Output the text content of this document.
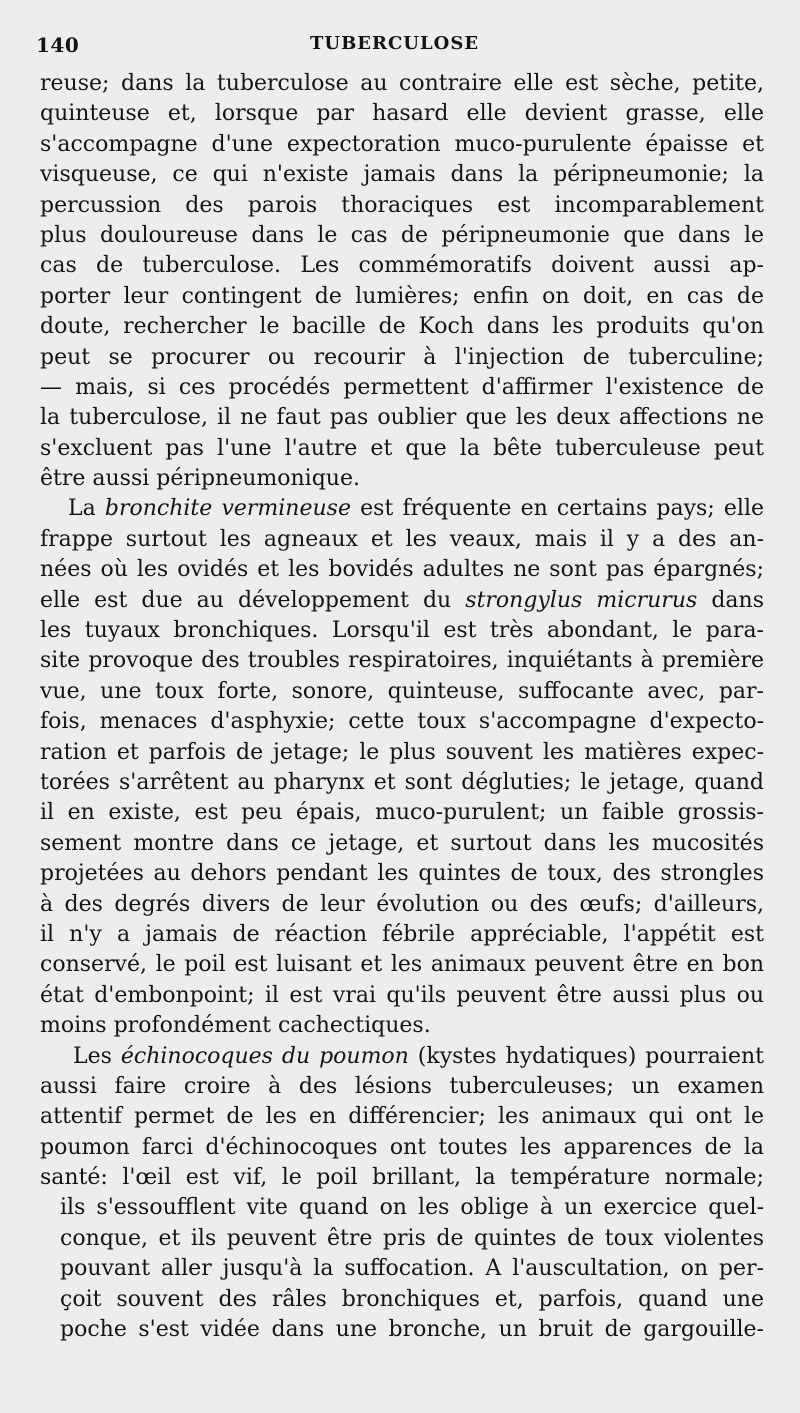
140	TUBERCULOSE
reuse; dans la tuberculose au contraire elle est sèche, petite,
quinteuse et, lorsque par hasard elle devient grasse, elle
s'accompagne d'une expectoration muco-purulente épaisse et
visqueuse, ce qui n'existe jamais dans la péripneumonie; la
percussion des parois thoraciques est incomparablement
plus douloureuse dans le cas de péripneumonie que dans le
cas de tuberculose. Les commémoratifs doivent aussi ap-
porter leur contingent de lumières; enfin on doit, en cas de
doute, rechercher le bacille de Koch dans les produits qu'on
peut se procurer ou recourir à l'injection de tuberculine;
— mais, si ces procédés permettent d'affirmer l'existence de
la tuberculose, il ne faut pas oublier que les deux affections ne
s'excluent pas l'une l'autre et que la bête tuberculeuse peut
être aussi péripneumonique.
La bronchite vermineuse est fréquente en certains pays; elle
frappe surtout les agneaux et les veaux, mais il y a des an-
nées où les ovidés et les bovidés adultes ne sont pas épargnés;
elle est due au développement du strongylus micrurus dans
les tuyaux bronchiques. Lorsqu'il est très abondant, le para-
site provoque des troubles respiratoires, inquiétants à première
vue, une toux forte, sonore, quinteuse, suffocante avec, par-
fois, menaces d'asphyxie; cette toux s'accompagne d'expecto-
ration et parfois de jetage; le plus souvent les matières expec-
torées s'arrêtent au pharynx et sont dégluties; le jetage, quand
il en existe, est peu épais, muco-purulent; un faible grossis-
sement montre dans ce jetage, et surtout dans les mucosités
projetées au dehors pendant les quintes de toux, des strongles
à des degrés divers de leur évolution ou des œufs; d'ailleurs,
il n'y a jamais de réaction fébrile appréciable, l'appétit est
conservé, le poil est luisant et les animaux peuvent être en bon
état d'embonpoint; il est vrai qu'ils peuvent être aussi plus ou
moins profondément cachectiques.
Les échinocoques du poumon (kystes hydatiques) pourraient
aussi faire croire à des lésions tuberculeuses; un examen
attentif permet de les en différencier; les animaux qui ont le
poumon farci d'échinocoques ont toutes les apparences de la
santé: l'œil est vif, le poil brillant, la température normale;
ils s'essoufflent vite quand on les oblige à un exercice quel-
conque, et ils peuvent être pris de quintes de toux violentes
pouvant aller jusqu'à la suffocation. A l'auscultation, on per-
çoit souvent des râles bronchiques et, parfois, quand une
poche s'est vidée dans une bronche, un bruit de gargouille-
